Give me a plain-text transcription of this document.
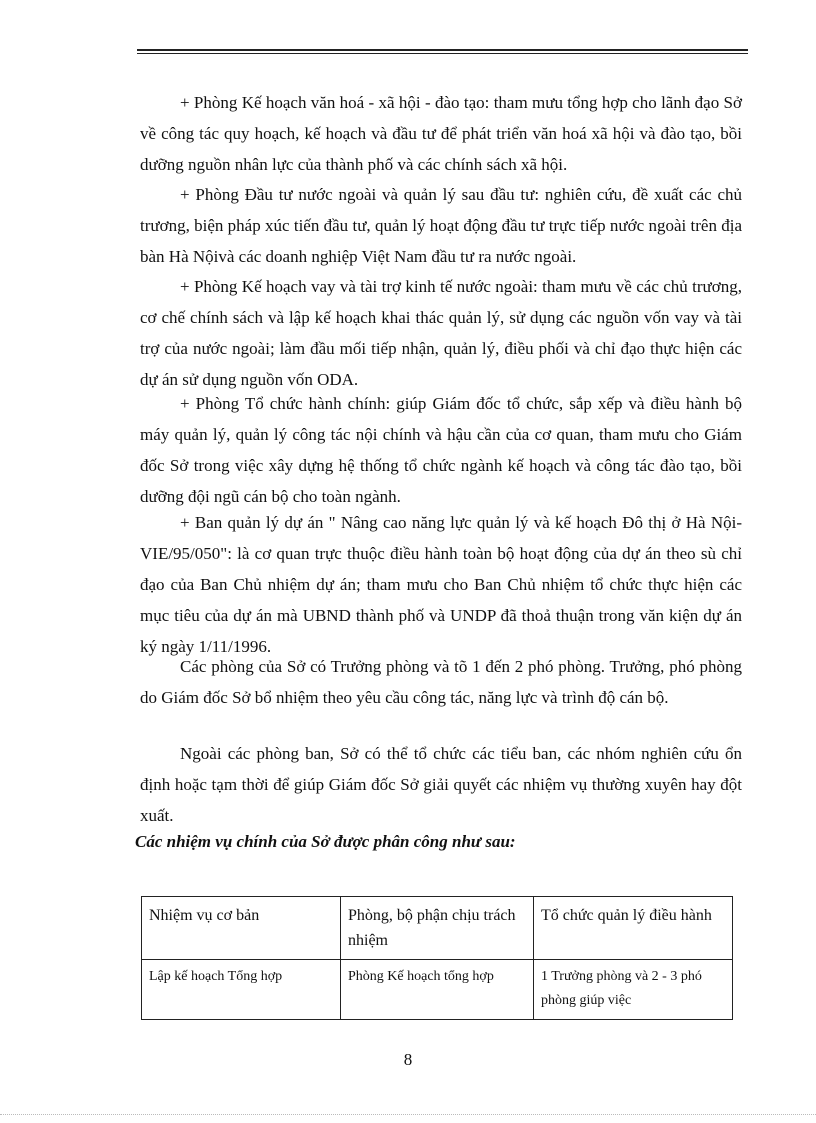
+ Phòng Kế hoạch văn hoá - xã hội - đào tạo: tham mưu tổng hợp cho lãnh đạo Sở về công tác quy hoạch, kế hoạch và đầu tư để phát triển văn hoá xã hội và đào tạo, bồi dưỡng nguồn nhân lực của thành phố và các chính sách xã hội.

+ Phòng Đầu tư nước ngoài và quản lý sau đầu tư: nghiên cứu, đề xuất các chủ trương, biện pháp xúc tiến đầu tư, quản lý hoạt động đầu tư trực tiếp nước ngoài trên địa bàn Hà Nộivà các doanh nghiệp Việt Nam đầu tư ra nước ngoài.

+ Phòng Kế hoạch vay và tài trợ kinh tế nước ngoài: tham mưu về các chủ trương, cơ chế chính sách và lập kế hoạch khai thác quản lý, sử dụng các nguồn vốn vay và tài trợ của nước ngoài; làm đầu mối tiếp nhận, quản lý, điều phối và chỉ đạo thực hiện các dự án sử dụng nguồn vốn ODA.

+ Phòng Tổ chức hành chính: giúp Giám đốc tổ chức, sắp xếp và điều hành bộ máy quản lý, quản lý công tác nội chính và hậu cần của cơ quan, tham mưu cho Giám đốc Sở trong việc xây dựng hệ thống tổ chức ngành kế hoạch và công tác đào tạo, bồi dưỡng đội ngũ cán bộ cho toàn ngành.

+ Ban quản lý dự án " Nâng cao năng lực quản lý và kế hoạch Đô thị ở Hà Nội-VIE/95/050": là cơ quan trực thuộc điều hành toàn bộ hoạt động của dự án theo sù chỉ đạo của Ban Chủ nhiệm dự án; tham mưu cho Ban Chủ nhiệm tổ chức thực hiện các mục tiêu của dự án mà UBND thành phố và UNDP đã thoả thuận trong văn kiện dự án ký ngày 1/11/1996.

Các phòng của Sở có Trưởng phòng và tõ 1 đến 2 phó phòng. Trưởng, phó phòng do Giám đốc Sở bổ nhiệm theo yêu cầu công tác, năng lực và trình độ cán bộ.

Ngoài các phòng ban, Sở có thể tổ chức các tiểu ban, các nhóm nghiên cứu ổn định hoặc tạm thời để giúp Giám đốc Sở giải quyết các nhiệm vụ thường xuyên hay đột xuất.

Các nhiệm vụ chính của Sở được phân công như sau:

Nhiệm vụ cơ bản	Phòng, bộ phận chịu trách nhiệm	Tổ chức quản lý điều hành
Lập kế hoạch Tổng hợp	Phòng Kế hoạch tổng hợp	1 Trưởng phòng và 2 - 3 phó phòng giúp việc
8
